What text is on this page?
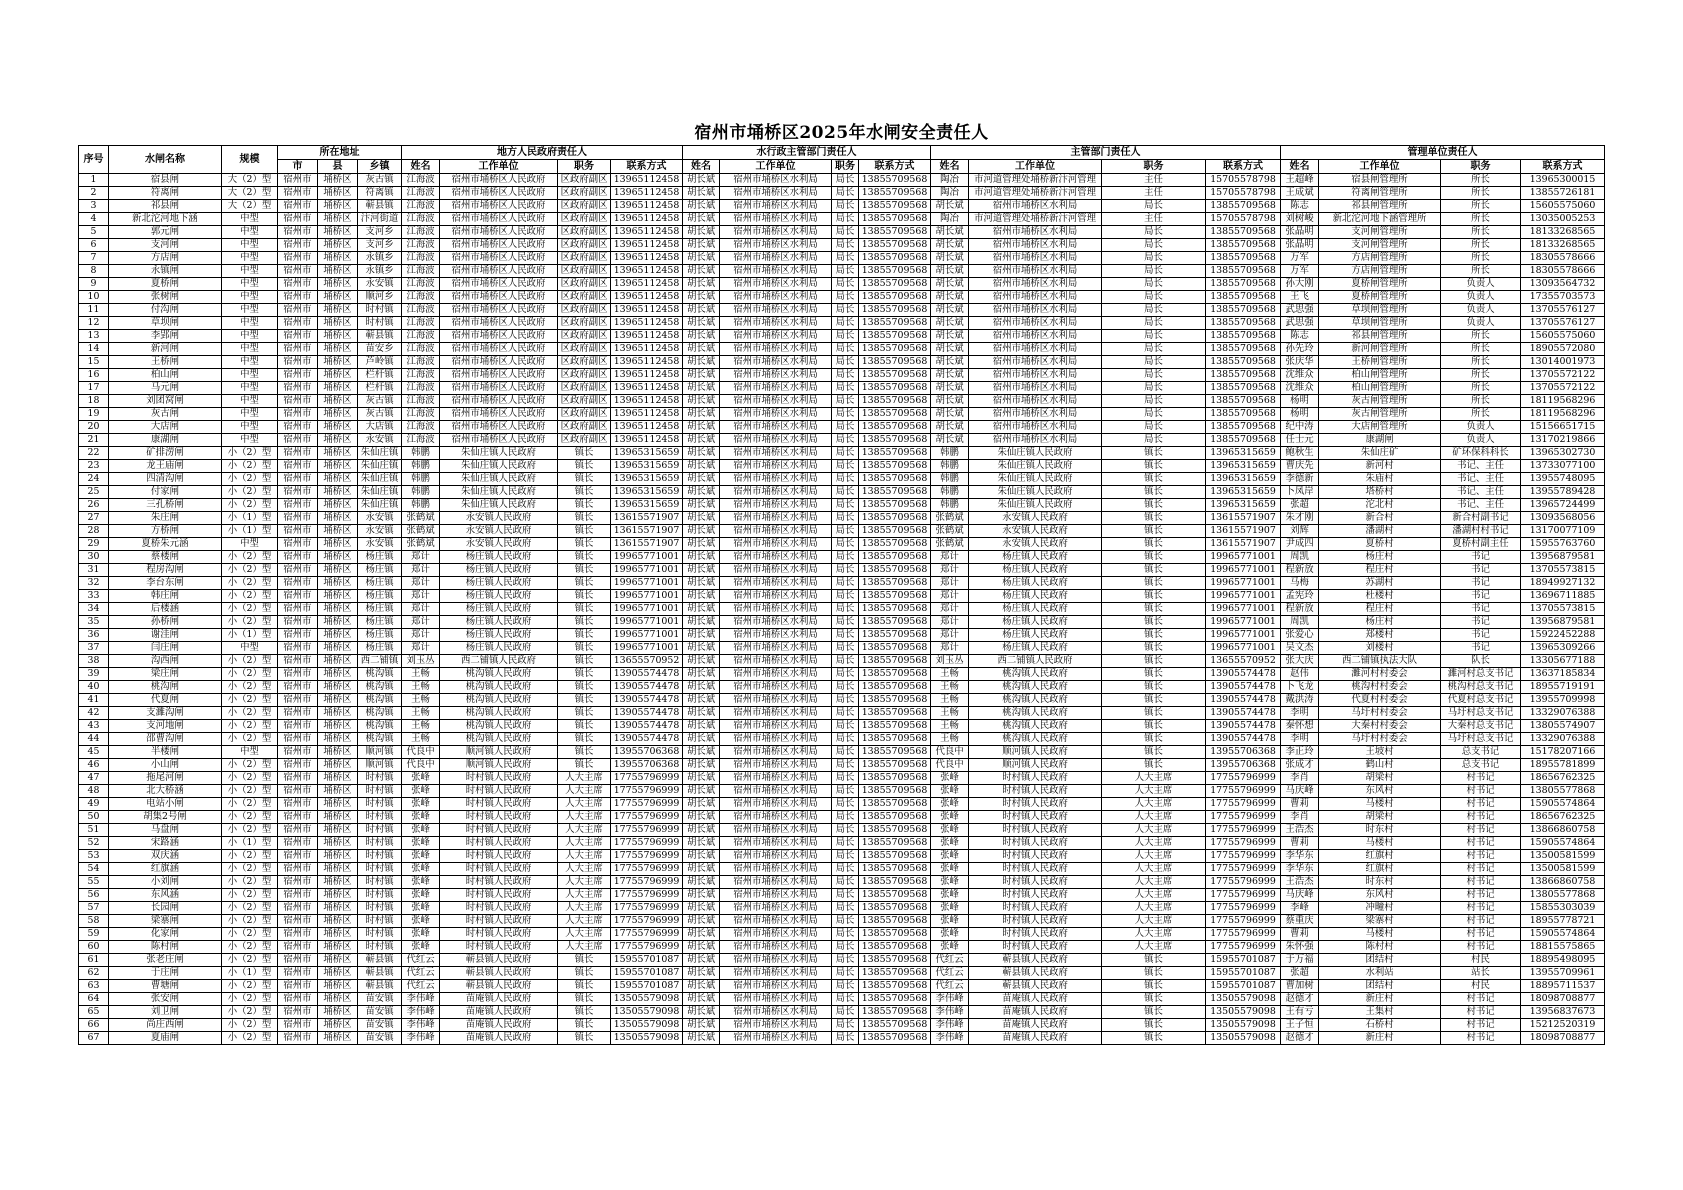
宿州市埇桥区2025年水闸安全责任人
序号	水闸名称	规模	所在地址			地方人民政府责任人				水行政主管部门责任人				主管部门责任人				管理单位责任人			
			市	县	乡镇	姓名	工作单位	职务	联系方式	姓名	工作单位	职务	联系方式	姓名	工作单位	职务	联系方式	姓名	工作单位	职务	联系方式
1	宿县闸	大（2）型	宿州市	埇桥区	灰古镇	江海波	宿州市埇桥区人民政府	区政府副区	13965112458	胡长斌	宿州市埇桥区水利局	局长	13855709568	陶冶	市河道管理处埇桥新汴河管理	主任	15705578798	王超峰	宿县闸管理所	所长	13965300015
2	符离闸	大（2）型	宿州市	埇桥区	符离镇	江海波	宿州市埇桥区人民政府	区政府副区	13965112458	胡长斌	宿州市埇桥区水利局	局长	13855709568	陶冶	市河道管理处埇桥新汴河管理	主任	15705578798	王成斌	符离闸管理所	所长	13855726181
3	祁县闸	大（2）型	宿州市	埇桥区	蕲县镇	江海波	宿州市埇桥区人民政府	区政府副区	13965112458	胡长斌	宿州市埇桥区水利局	局长	13855709568	胡长斌	宿州市埇桥区水利局	局长	13855709568	陈志	祁县闸管理所	所长	15605575060
4	新北沱河地下涵	中型	宿州市	埇桥区	汴河街道	江海波	宿州市埇桥区人民政府	区政府副区	13965112458	胡长斌	宿州市埇桥区水利局	局长	13855709568	陶冶	市河道管理处埇桥新汴河管理	主任	15705578798	刘树峻	新北沱河地下涵管理所	所长	13035005253
5	郭元闸	中型	宿州市	埇桥区	支河乡	江海波	宿州市埇桥区人民政府	区政府副区	13965112458	胡长斌	宿州市埇桥区水利局	局长	13855709568	胡长斌	宿州市埇桥区水利局	局长	13855709568	张晶明	支河闸管理所	所长	18133268565
6	支河闸	中型	宿州市	埇桥区	支河乡	江海波	宿州市埇桥区人民政府	区政府副区	13965112458	胡长斌	宿州市埇桥区水利局	局长	13855709568	胡长斌	宿州市埇桥区水利局	局长	13855709568	张晶明	支河闸管理所	所长	18133268565
7	方店闸	中型	宿州市	埇桥区	永镇乡	江海波	宿州市埇桥区人民政府	区政府副区	13965112458	胡长斌	宿州市埇桥区水利局	局长	13855709568	胡长斌	宿州市埇桥区水利局	局长	13855709568	万军	方店闸管理所	所长	18305578666
8	永镇闸	中型	宿州市	埇桥区	永镇乡	江海波	宿州市埇桥区人民政府	区政府副区	13965112458	胡长斌	宿州市埇桥区水利局	局长	13855709568	胡长斌	宿州市埇桥区水利局	局长	13855709568	万军	方店闸管理所	所长	18305578666
9	夏桥闸	中型	宿州市	埇桥区	永安镇	江海波	宿州市埇桥区人民政府	区政府副区	13965112458	胡长斌	宿州市埇桥区水利局	局长	13855709568	胡长斌	宿州市埇桥区水利局	局长	13855709568	孙大刚	夏桥闸管理所	负责人	13093564732
10	张树闸	中型	宿州市	埇桥区	顺河乡	江海波	宿州市埇桥区人民政府	区政府副区	13965112458	胡长斌	宿州市埇桥区水利局	局长	13855709568	胡长斌	宿州市埇桥区水利局	局长	13855709568	王飞	夏桥闸管理所	负责人	17355703573
11	付沟闸	中型	宿州市	埇桥区	时村镇	江海波	宿州市埇桥区人民政府	区政府副区	13965112458	胡长斌	宿州市埇桥区水利局	局长	13855709568	胡长斌	宿州市埇桥区水利局	局长	13855709568	武思强	草坝闸管理所	负责人	13705576127
12	草坝闸	中型	宿州市	埇桥区	时村镇	江海波	宿州市埇桥区人民政府	区政府副区	13965112458	胡长斌	宿州市埇桥区水利局	局长	13855709568	胡长斌	宿州市埇桥区水利局	局长	13855709568	武思强	草坝闸管理所	负责人	13705576127
13	李郢闸	中型	宿州市	埇桥区	蕲县镇	江海波	宿州市埇桥区人民政府	区政府副区	13965112458	胡长斌	宿州市埇桥区水利局	局长	13855709568	胡长斌	宿州市埇桥区水利局	局长	13855709568	陈志	祁县闸管理所	所长	15605575060
14	新河闸	中型	宿州市	埇桥区	苗安乡	江海波	宿州市埇桥区人民政府	区政府副区	13965112458	胡长斌	宿州市埇桥区水利局	局长	13855709568	胡长斌	宿州市埇桥区水利局	局长	13855709568	孙先玲	新河闸管理所	所长	18905572080
15	王桥闸	中型	宿州市	埇桥区	芦岭镇	江海波	宿州市埇桥区人民政府	区政府副区	13965112458	胡长斌	宿州市埇桥区水利局	局长	13855709568	胡长斌	宿州市埇桥区水利局	局长	13855709568	张庆华	王桥闸管理所	所长	13014001973
16	柏山闸	中型	宿州市	埇桥区	栏杆镇	江海波	宿州市埇桥区人民政府	区政府副区	13965112458	胡长斌	宿州市埇桥区水利局	局长	13855709568	胡长斌	宿州市埇桥区水利局	局长	13855709568	沈维众	柏山闸管理所	所长	13705572122
17	马元闸	中型	宿州市	埇桥区	栏杆镇	江海波	宿州市埇桥区人民政府	区政府副区	13965112458	胡长斌	宿州市埇桥区水利局	局长	13855709568	胡长斌	宿州市埇桥区水利局	局长	13855709568	沈维众	柏山闸管理所	所长	13705572122
18	刘团窝闸	中型	宿州市	埇桥区	灰古镇	江海波	宿州市埇桥区人民政府	区政府副区	13965112458	胡长斌	宿州市埇桥区水利局	局长	13855709568	胡长斌	宿州市埇桥区水利局	局长	13855709568	杨明	灰古闸管理所	所长	18119568296
19	灰古闸	中型	宿州市	埇桥区	灰古镇	江海波	宿州市埇桥区人民政府	区政府副区	13965112458	胡长斌	宿州市埇桥区水利局	局长	13855709568	胡长斌	宿州市埇桥区水利局	局长	13855709568	杨明	灰古闸管理所	所长	18119568296
20	大店闸	中型	宿州市	埇桥区	大店镇	江海波	宿州市埇桥区人民政府	区政府副区	13965112458	胡长斌	宿州市埇桥区水利局	局长	13855709568	胡长斌	宿州市埇桥区水利局	局长	13855709568	纪中涛	大店闸管理所	负责人	15156651715
21	康湖闸	中型	宿州市	埇桥区	永安镇	江海波	宿州市埇桥区人民政府	区政府副区	13965112458	胡长斌	宿州市埇桥区水利局	局长	13855709568	胡长斌	宿州市埇桥区水利局	局长	13855709568	任士元	康湖闸	负责人	13170219866
22	矿排涝闸	小（2）型	宿州市	埇桥区	朱仙庄镇	韩鹏	朱仙庄镇人民政府	镇长	13965315659	胡长斌	宿州市埇桥区水利局	局长	13855709568	韩鹏	朱仙庄镇人民政府	镇长	13965315659	鲍秋生	朱仙庄矿	矿环保科科长	13965302730
23	龙王庙闸	小（2）型	宿州市	埇桥区	朱仙庄镇	韩鹏	朱仙庄镇人民政府	镇长	13965315659	胡长斌	宿州市埇桥区水利局	局长	13855709568	韩鹏	朱仙庄镇人民政府	镇长	13965315659	曹庆先	新河村	书记、主任	13733077100
24	四清沟闸	小（2）型	宿州市	埇桥区	朱仙庄镇	韩鹏	朱仙庄镇人民政府	镇长	13965315659	胡长斌	宿州市埇桥区水利局	局长	13855709568	韩鹏	朱仙庄镇人民政府	镇长	13965315659	李德新	朱庙村	书记、主任	13955748095
25	付家闸	小（2）型	宿州市	埇桥区	朱仙庄镇	韩鹏	朱仙庄镇人民政府	镇长	13965315659	胡长斌	宿州市埇桥区水利局	局长	13855709568	韩鹏	朱仙庄镇人民政府	镇长	13965315659	卜凤岸	塔桥村	书记、主任	13955789428
26	三孔桥闸	小（2）型	宿州市	埇桥区	朱仙庄镇	韩鹏	朱仙庄镇人民政府	镇长	13965315659	胡长斌	宿州市埇桥区水利局	局长	13855709568	韩鹏	朱仙庄镇人民政府	镇长	13965315659	张超	沱北村	书记、主任	13965724499
27	朱庄闸	小（1）型	宿州市	埇桥区	永安镇	张鹤斌	永安镇人民政府	镇长	13615571907	胡长斌	宿州市埇桥区水利局	局长	13855709568	张鹤斌	永安镇人民政府	镇长	13615571907	朱才刚	新合村	新合村副书记	13093568056
28	方桥闸	小（1）型	宿州市	埇桥区	永安镇	张鹤斌	永安镇人民政府	镇长	13615571907	胡长斌	宿州市埇桥区水利局	局长	13855709568	张鹤斌	永安镇人民政府	镇长	13615571907	刘辉	潘湖村	潘湖村村书记	13170077109
29	夏桥朱元涵	中型	宿州市	埇桥区	永安镇	张鹤斌	永安镇人民政府	镇长	13615571907	胡长斌	宿州市埇桥区水利局	局长	13855709568	张鹤斌	永安镇人民政府	镇长	13615571907	尹成四	夏桥村	夏桥村副主任	15955763760
30	蔡楼闸	小（2）型	宿州市	埇桥区	杨庄镇	郑计	杨庄镇人民政府	镇长	19965771001	胡长斌	宿州市埇桥区水利局	局长	13855709568	郑计	杨庄镇人民政府	镇长	19965771001	周凯	杨庄村	书记	13956879581
31	程房沟闸	小（2）型	宿州市	埇桥区	杨庄镇	郑计	杨庄镇人民政府	镇长	19965771001	胡长斌	宿州市埇桥区水利局	局长	13855709568	郑计	杨庄镇人民政府	镇长	19965771001	程新放	程庄村	书记	13705573815
32	李台东闸	小（2）型	宿州市	埇桥区	杨庄镇	郑计	杨庄镇人民政府	镇长	19965771001	胡长斌	宿州市埇桥区水利局	局长	13855709568	郑计	杨庄镇人民政府	镇长	19965771001	马梅	苏湖村	书记	18949927132
33	韩庄闸	小（2）型	宿州市	埇桥区	杨庄镇	郑计	杨庄镇人民政府	镇长	19965771001	胡长斌	宿州市埇桥区水利局	局长	13855709568	郑计	杨庄镇人民政府	镇长	19965771001	孟宪玲	杜楼村	书记	13696711885
34	后楼涵	小（2）型	宿州市	埇桥区	杨庄镇	郑计	杨庄镇人民政府	镇长	19965771001	胡长斌	宿州市埇桥区水利局	局长	13855709568	郑计	杨庄镇人民政府	镇长	19965771001	程新放	程庄村	书记	13705573815
35	孙桥闸	小（2）型	宿州市	埇桥区	杨庄镇	郑计	杨庄镇人民政府	镇长	19965771001	胡长斌	宿州市埇桥区水利局	局长	13855709568	郑计	杨庄镇人民政府	镇长	19965771001	周凯	杨庄村	书记	13956879581
36	谢洼闸	小（1）型	宿州市	埇桥区	杨庄镇	郑计	杨庄镇人民政府	镇长	19965771001	胡长斌	宿州市埇桥区水利局	局长	13855709568	郑计	杨庄镇人民政府	镇长	19965771001	张爱心	郑楼村	书记	15922452288
37	闫庄闸	中型	宿州市	埇桥区	杨庄镇	郑计	杨庄镇人民政府	镇长	19965771001	胡长斌	宿州市埇桥区水利局	局长	13855709568	郑计	杨庄镇人民政府	镇长	19965771001	吴文杰	刘楼村	书记	13965309266
38	沟西闸	小（2）型	宿州市	埇桥区	西二铺镇	刘玉丛	西二铺镇人民政府	镇长	13655570952	胡长斌	宿州市埇桥区水利局	局长	13855709568	刘玉丛	西二铺镇人民政府	镇长	13655570952	张大庆	西二铺镇执法大队	队长	13305677188
39	梁庄闸	小（2）型	宿州市	埇桥区	桃沟镇	王畅	桃沟镇人民政府	镇长	13905574478	胡长斌	宿州市埇桥区水利局	局长	13855709568	王畅	桃沟镇人民政府	镇长	13905574478	赵伟	濉河村村委会	濉河村总支书记	13637185834
40	桃沟闸	小（2）型	宿州市	埇桥区	桃沟镇	王畅	桃沟镇人民政府	镇长	13905574478	胡长斌	宿州市埇桥区水利局	局长	13855709568	王畅	桃沟镇人民政府	镇长	13905574478	卜飞龙	桃沟村村委会	桃沟村总支书记	18955719191
41	代夏闸	小（2）型	宿州市	埇桥区	桃沟镇	王畅	桃沟镇人民政府	镇长	13905574478	胡长斌	宿州市埇桥区水利局	局长	13855709568	王畅	桃沟镇人民政府	镇长	13905574478	戴洪涛	代夏村村委会	代夏村总支书记	13955709998
42	支濉沟闸	小（2）型	宿州市	埇桥区	桃沟镇	王畅	桃沟镇人民政府	镇长	13905574478	胡长斌	宿州市埇桥区水利局	局长	13855709568	王畅	桃沟镇人民政府	镇长	13905574478	李明	马圩村村委会	马圩村总支书记	13329076388
43	支河地闸	小（2）型	宿州市	埇桥区	桃沟镇	王畅	桃沟镇人民政府	镇长	13905574478	胡长斌	宿州市埇桥区水利局	局长	13855709568	王畅	桃沟镇人民政府	镇长	13905574478	秦怀想	大秦村村委会	大秦村总支书记	13805574907
44	邵曹沟闸	小（2）型	宿州市	埇桥区	桃沟镇	王畅	桃沟镇人民政府	镇长	13905574478	胡长斌	宿州市埇桥区水利局	局长	13855709568	王畅	桃沟镇人民政府	镇长	13905574478	李明	马圩村村委会	马圩村总支书记	13329076388
45	半楼闸	中型	宿州市	埇桥区	顺河镇	代良中	顺河镇人民政府	镇长	13955706368	胡长斌	宿州市埇桥区水利局	局长	13855709568	代良中	顺河镇人民政府	镇长	13955706368	李正玲	王坡村	总支书记	15178207166
46	小山闸	小（2）型	宿州市	埇桥区	顺河镇	代良中	顺河镇人民政府	镇长	13955706368	胡长斌	宿州市埇桥区水利局	局长	13855709568	代良中	顺河镇人民政府	镇长	13955706368	张成才	鹤山村	总支书记	18955781899
47	拖尾河闸	小（2）型	宿州市	埇桥区	时村镇	张峰	时村镇人民政府	人大主席	17755796999	胡长斌	宿州市埇桥区水利局	局长	13855709568	张峰	时村镇人民政府	人大主席	17755796999	李肖	胡梁村	村书记	18656762325
48	北大桥涵	小（2）型	宿州市	埇桥区	时村镇	张峰	时村镇人民政府	人大主席	17755796999	胡长斌	宿州市埇桥区水利局	局长	13855709568	张峰	时村镇人民政府	人大主席	17755796999	马庆峰	东风村	村书记	13805577868
49	电站小闸	小（2）型	宿州市	埇桥区	时村镇	张峰	时村镇人民政府	人大主席	17755796999	胡长斌	宿州市埇桥区水利局	局长	13855709568	张峰	时村镇人民政府	人大主席	17755796999	曹莉	马楼村	村书记	15905574864
50	胡集2号闸	小（2）型	宿州市	埇桥区	时村镇	张峰	时村镇人民政府	人大主席	17755796999	胡长斌	宿州市埇桥区水利局	局长	13855709568	张峰	时村镇人民政府	人大主席	17755796999	李肖	胡梁村	村书记	18656762325
51	马盘闸	小（2）型	宿州市	埇桥区	时村镇	张峰	时村镇人民政府	人大主席	17755796999	胡长斌	宿州市埇桥区水利局	局长	13855709568	张峰	时村镇人民政府	人大主席	17755796999	王浩杰	时东村	村书记	13866860758
52	宋路涵	小（1）型	宿州市	埇桥区	时村镇	张峰	时村镇人民政府	人大主席	17755796999	胡长斌	宿州市埇桥区水利局	局长	13855709568	张峰	时村镇人民政府	人大主席	17755796999	曹莉	马楼村	村书记	15905574864
53	双庆涵	小（2）型	宿州市	埇桥区	时村镇	张峰	时村镇人民政府	人大主席	17755796999	胡长斌	宿州市埇桥区水利局	局长	13855709568	张峰	时村镇人民政府	人大主席	17755796999	李华东	红旗村	村书记	13500581599
54	红旗涵	小（2）型	宿州市	埇桥区	时村镇	张峰	时村镇人民政府	人大主席	17755796999	胡长斌	宿州市埇桥区水利局	局长	13855709568	张峰	时村镇人民政府	人大主席	17755796999	李华东	红旗村	村书记	13500581599
55	小刘闸	小（2）型	宿州市	埇桥区	时村镇	张峰	时村镇人民政府	人大主席	17755796999	胡长斌	宿州市埇桥区水利局	局长	13855709568	张峰	时村镇人民政府	人大主席	17755796999	王浩杰	时东村	村书记	13866860758
56	东风涵	小（2）型	宿州市	埇桥区	时村镇	张峰	时村镇人民政府	人大主席	17755796999	胡长斌	宿州市埇桥区水利局	局长	13855709568	张峰	时村镇人民政府	人大主席	17755796999	马庆峰	东风村	村书记	13805577868
57	长园闸	小（2）型	宿州市	埇桥区	时村镇	张峰	时村镇人民政府	人大主席	17755796999	胡长斌	宿州市埇桥区水利局	局长	13855709568	张峰	时村镇人民政府	人大主席	17755796999	李峰	冲疃村	村书记	15855303039
58	梁寨闸	小（2）型	宿州市	埇桥区	时村镇	张峰	时村镇人民政府	人大主席	17755796999	胡长斌	宿州市埇桥区水利局	局长	13855709568	张峰	时村镇人民政府	人大主席	17755796999	蔡重庆	梁寨村	村书记	18955778721
59	化家闸	小（2）型	宿州市	埇桥区	时村镇	张峰	时村镇人民政府	人大主席	17755796999	胡长斌	宿州市埇桥区水利局	局长	13855709568	张峰	时村镇人民政府	人大主席	17755796999	曹莉	马楼村	村书记	15905574864
60	陈村闸	小（2）型	宿州市	埇桥区	时村镇	张峰	时村镇人民政府	人大主席	17755796999	胡长斌	宿州市埇桥区水利局	局长	13855709568	张峰	时村镇人民政府	人大主席	17755796999	朱怀强	陈村村	村书记	18815575865
61	张老庄闸	小（2）型	宿州市	埇桥区	蕲县镇	代红云	蕲县镇人民政府	镇长	15955701087	胡长斌	宿州市埇桥区水利局	局长	13855709568	代红云	蕲县镇人民政府	镇长	15955701087	于万福	团结村	村民	18895498095
62	于庄闸	小（1）型	宿州市	埇桥区	蕲县镇	代红云	蕲县镇人民政府	镇长	15955701087	胡长斌	宿州市埇桥区水利局	局长	13855709568	代红云	蕲县镇人民政府	镇长	15955701087	张超	水利站	站长	13955709961
63	曹塘闸	小（2）型	宿州市	埇桥区	蕲县镇	代红云	蕲县镇人民政府	镇长	15955701087	胡长斌	宿州市埇桥区水利局	局长	13855709568	代红云	蕲县镇人民政府	镇长	15955701087	曹加树	团结村	村民	18895711537
64	张安闸	小（2）型	宿州市	埇桥区	苗安镇	李伟峰	苗庵镇人民政府	镇长	13505579098	胡长斌	宿州市埇桥区水利局	局长	13855709568	李伟峰	苗庵镇人民政府	镇长	13505579098	赵德才	新庄村	村书记	18098708877
65	刘卫闸	小（2）型	宿州市	埇桥区	苗安镇	李伟峰	苗庵镇人民政府	镇长	13505579098	胡长斌	宿州市埇桥区水利局	局长	13855709568	李伟峰	苗庵镇人民政府	镇长	13505579098	王有亏	王集村	村书记	13956837673
66	尚庄西闸	小（2）型	宿州市	埇桥区	苗安镇	李伟峰	苗庵镇人民政府	镇长	13505579098	胡长斌	宿州市埇桥区水利局	局长	13855709568	李伟峰	苗庵镇人民政府	镇长	13505579098	王子恒	石桥村	村书记	15212520319
67	夏庙闸	小（2）型	宿州市	埇桥区	苗安镇	李伟峰	苗庵镇人民政府	镇长	13505579098	胡长斌	宿州市埇桥区水利局	局长	13855709568	李伟峰	苗庵镇人民政府	镇长	13505579098	赵德才	新庄村	村书记	18098708877
